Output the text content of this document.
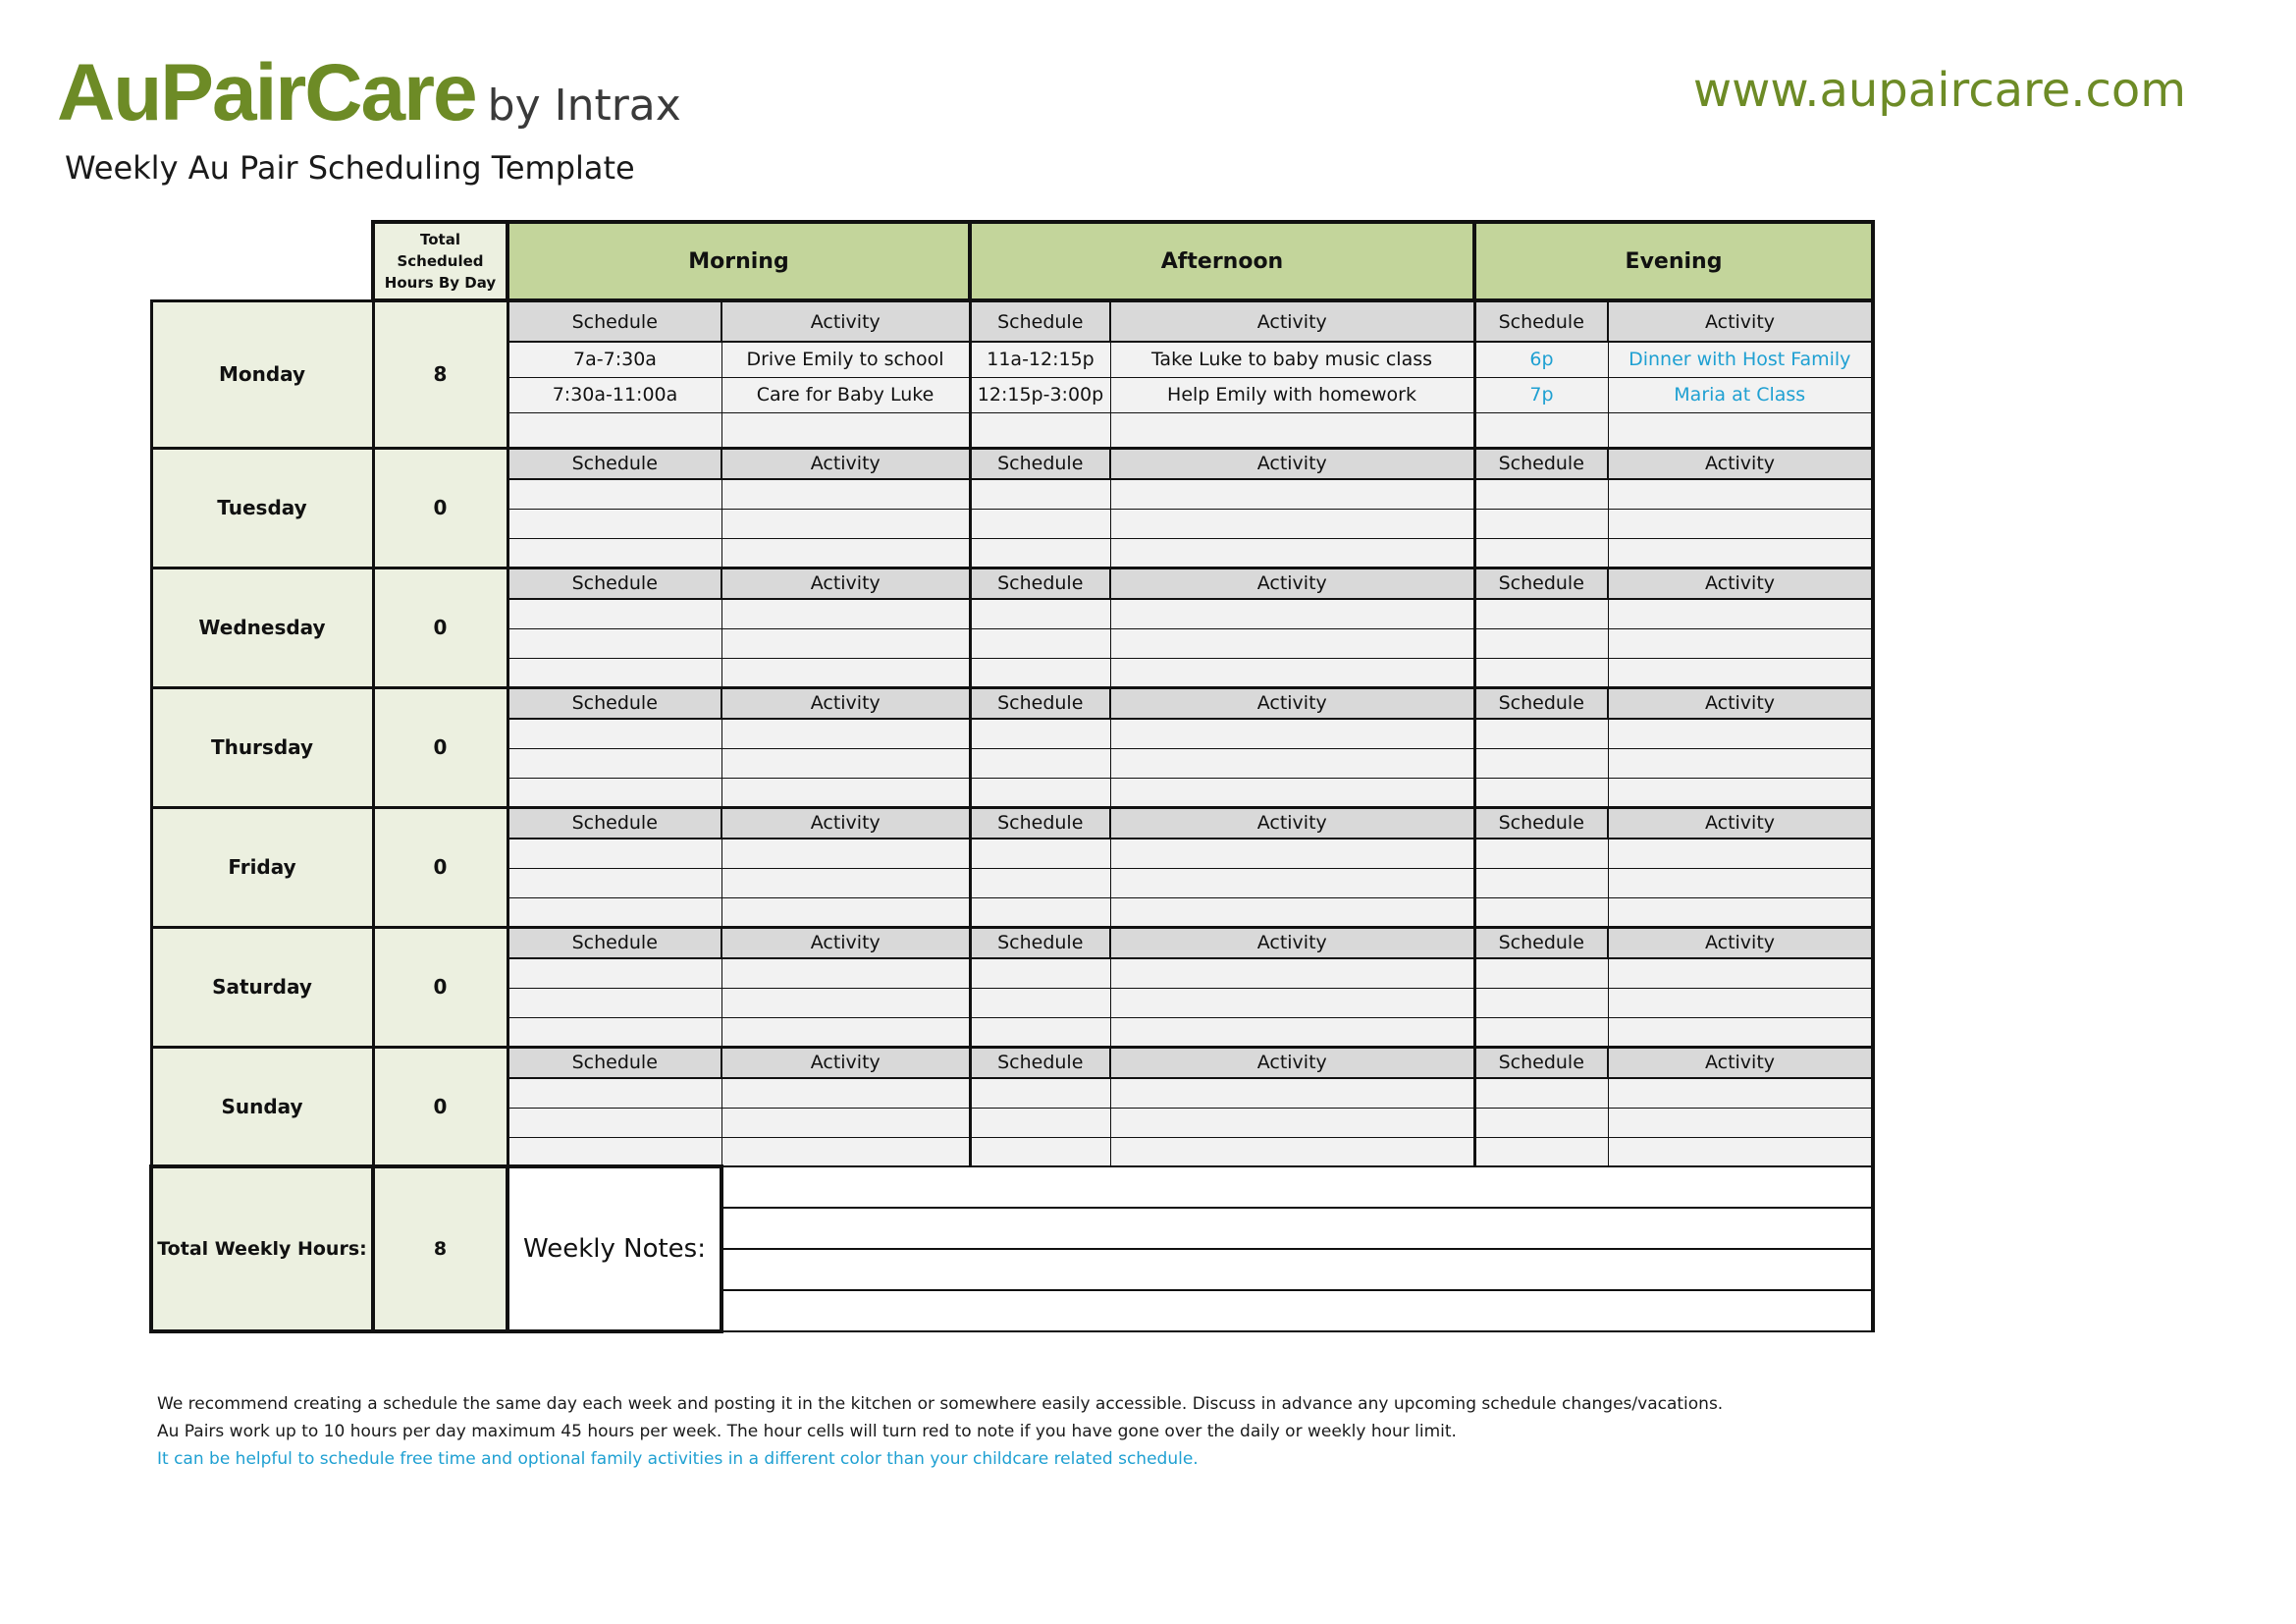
AuPairCare by Intrax	www.aupaircare.com
Weekly Au Pair Scheduling Template
	Total Scheduled Hours By Day	Morning		Afternoon		Evening	
Monday	8	Schedule	Activity	Schedule	Activity	Schedule	Activity
		7a-7:30a	Drive Emily to school	11a-12:15p	Take Luke to baby music class	6p	Dinner with Host Family
		7:30a-11:00a	Care for Baby Luke	12:15p-3:00p	Help Emily with homework	7p	Maria at Class

Tuesday	0	Schedule	Activity	Schedule	Activity	Schedule	Activity

Wednesday	0	Schedule	Activity	Schedule	Activity	Schedule	Activity

Thursday	0	Schedule	Activity	Schedule	Activity	Schedule	Activity

Friday	0	Schedule	Activity	Schedule	Activity	Schedule	Activity

Saturday	0	Schedule	Activity	Schedule	Activity	Schedule	Activity

Sunday	0	Schedule	Activity	Schedule	Activity	Schedule	Activity

Total Weekly Hours:	8	Weekly Notes:					

We recommend creating a schedule the same day each week and posting it in the kitchen or somewhere easily accessible. Discuss in advance any upcoming schedule changes/vacations.
Au Pairs work up to 10 hours per day maximum 45 hours per week. The hour cells will turn red to note if you have gone over the daily or weekly hour limit.
It can be helpful to schedule free time and optional family activities in a different color than your childcare related schedule.
